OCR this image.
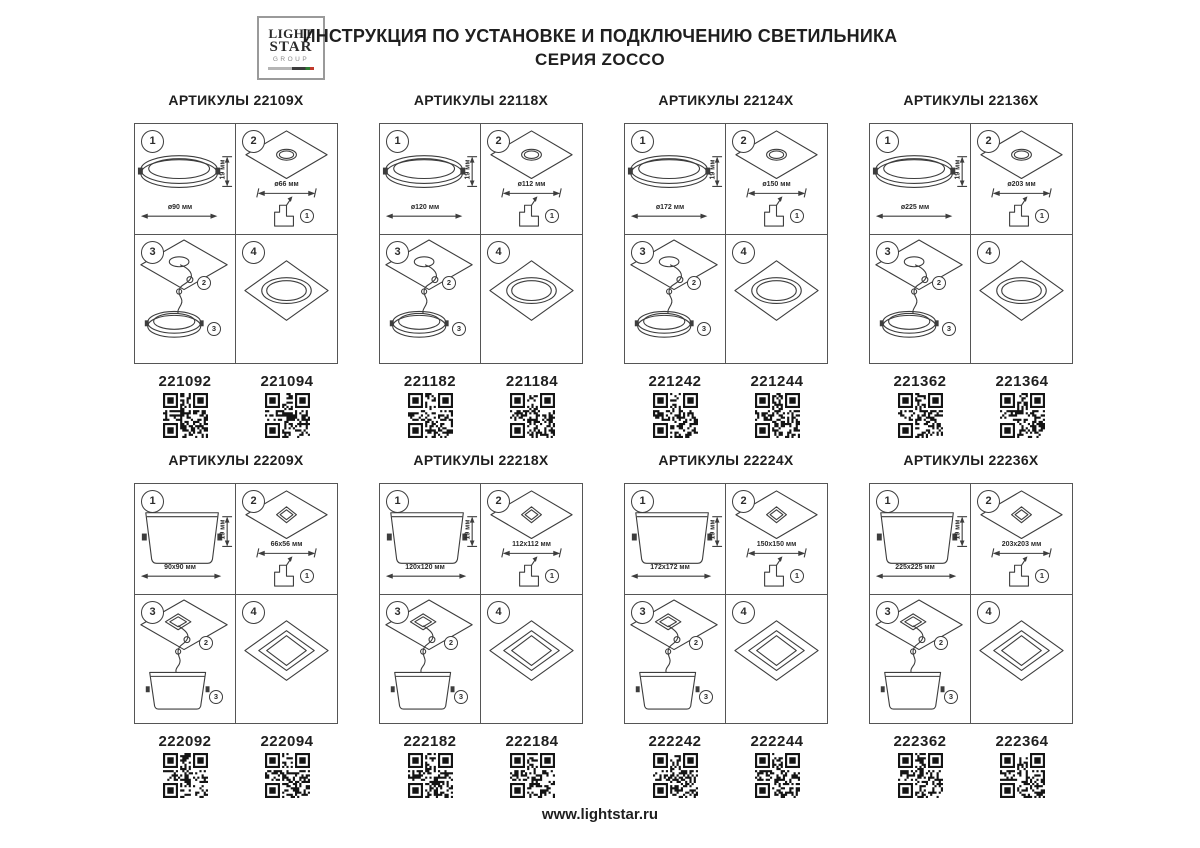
LIGHT
STAR
GROUP
ИНСТРУКЦИЯ ПО УСТАНОВКЕ И ПОДКЛЮЧЕНИЮ СВЕТИЛЬНИКА
СЕРИЯ ZOCCO
АРТИКУЛЫ 22109X
1
ø90 мм
19 мм
2
ø66 мм
1
3
2
3
4
221092	221094
АРТИКУЛЫ 22118X
1
ø120 мм
19 мм
2
ø112 мм
1
3
2
3
4
221182	221184
АРТИКУЛЫ 22124X
1
ø172 мм
19 мм
2
ø150 мм
1
3
2
3
4
221242	221244
АРТИКУЛЫ 22136X
1
ø225 мм
19 мм
2
ø203 мм
1
3
2
3
4
221362	221364
АРТИКУЛЫ 22209X
1
90x90 мм
19 мм
2
66x56 мм
1
3
2
3
4
222092	222094
АРТИКУЛЫ 22218X
1
120x120 мм
19 мм
2
112x112 мм
1
3
2
3
4
222182	222184
АРТИКУЛЫ 22224X
1
172x172 мм
19 мм
2
150x150 мм
1
3
2
3
4
222242	222244
АРТИКУЛЫ 22236X
1
225x225 мм
19 мм
2
203x203 мм
1
3
2
3
4
222362	222364
www.lightstar.ru
